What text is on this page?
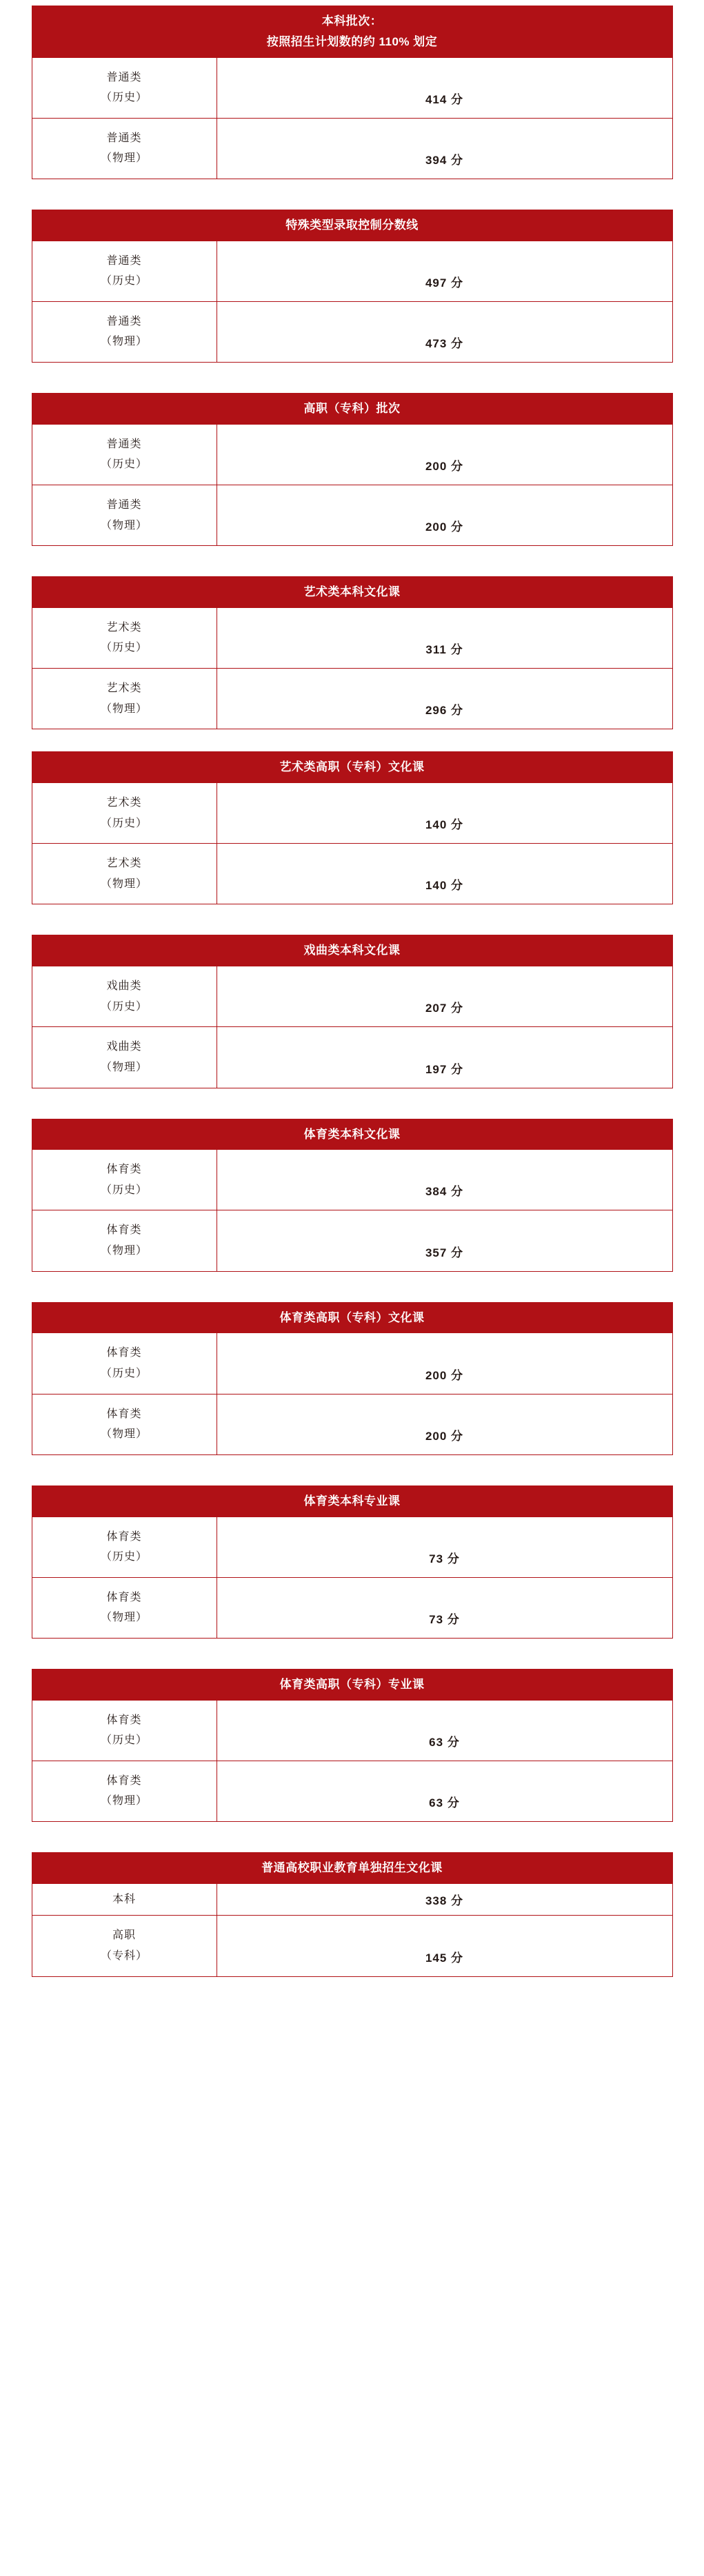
本科批次：
按照招生计划数的约 110% 划定
普通类
（历史）	414 分
普通类
（物理）	394 分
特殊类型录取控制分数线
普通类
（历史）	497 分
普通类
（物理）	473 分
高职（专科）批次
普通类
（历史）	200 分
普通类
（物理）	200 分
艺术类本科文化课
艺术类
（历史）	311 分
艺术类
（物理）	296 分
艺术类高职（专科）文化课
艺术类
（历史）	140 分
艺术类
（物理）	140 分
戏曲类本科文化课
戏曲类
（历史）	207 分
戏曲类
（物理）	197 分
体育类本科文化课
体育类
（历史）	384 分
体育类
（物理）	357 分
体育类高职（专科）文化课
体育类
（历史）	200 分
体育类
（物理）	200 分
体育类本科专业课
体育类
（历史）	73 分
体育类
（物理）	73 分
体育类高职（专科）专业课
体育类
（历史）	63 分
体育类
（物理）	63 分
普通高校职业教育单独招生文化课
本科	338 分
高职
（专科）	145 分
